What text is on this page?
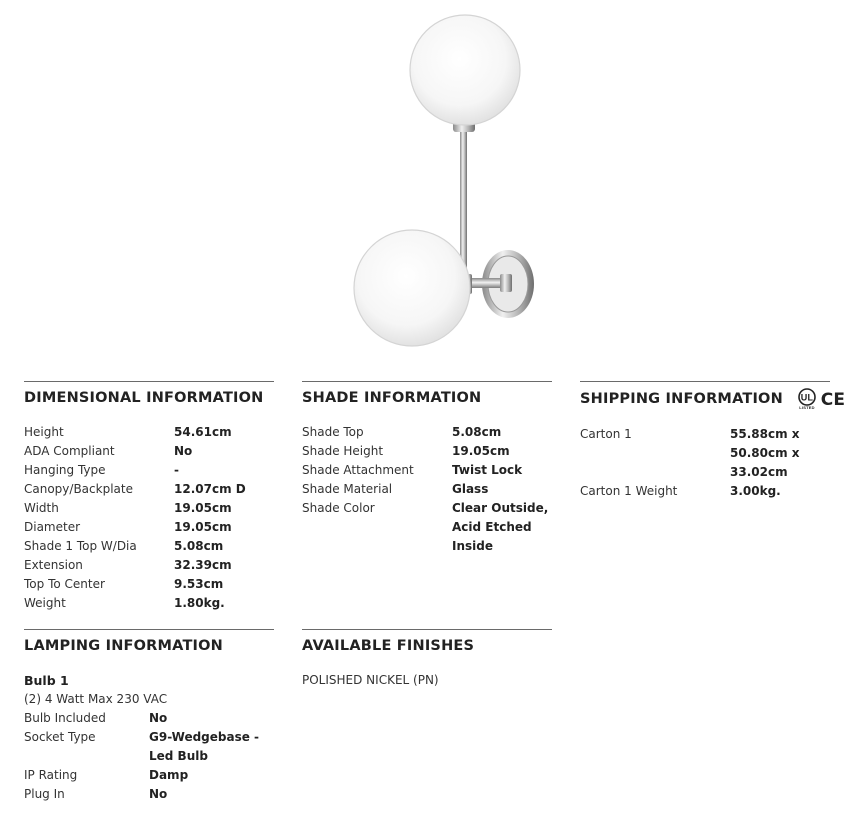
DIMENSIONAL INFORMATION
Height	54.61cm
ADA Compliant	No
Hanging Type	-
Canopy/Backplate	12.07cm D
Width	19.05cm
Diameter	19.05cm
Shade 1 Top W/Dia	5.08cm
Extension	32.39cm
Top To Center	9.53cm
Weight	1.80kg.
SHADE INFORMATION
Shade Top	5.08cm
Shade Height	19.05cm
Shade Attachment	Twist Lock
Shade Material	Glass
Shade Color	Clear Outside, Acid Etched Inside
SHIPPING INFORMATION UL
LISTED CE
Carton 1	55.88cm x 50.80cm x 33.02cm
Carton 1 Weight	3.00kg.
LAMPING INFORMATION
Bulb 1
(2) 4 Watt Max 230 VAC
Bulb Included	No
Socket Type	G9-Wedgebase - Led Bulb
IP Rating	Damp
Plug In	No
AVAILABLE FINISHES
POLISHED NICKEL (PN)
